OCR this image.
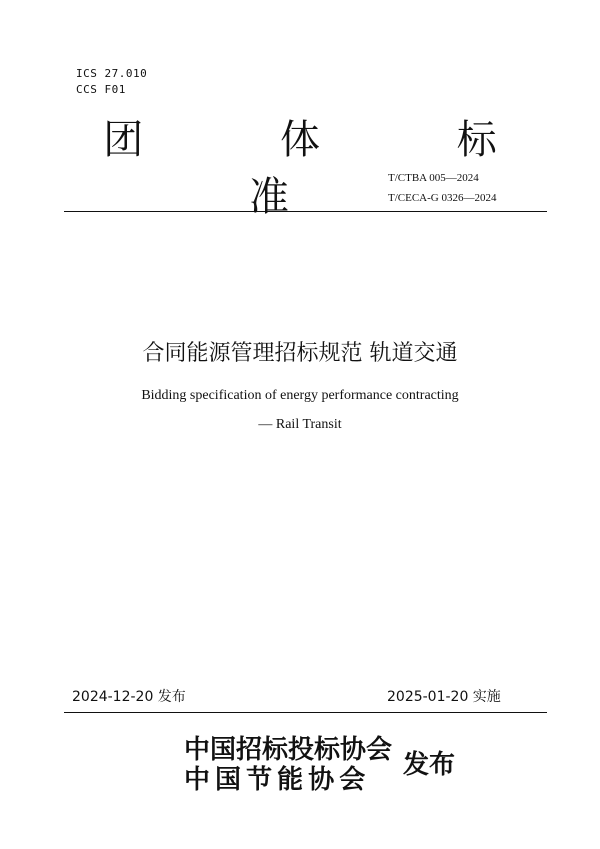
ICS 27.010
CCS F01
团 体 标 准	T/CTBA 005—2024
T/CECA-G 0326—2024
合同能源管理招标规范 轨道交通
Bidding specification of energy performance contracting
— Rail Transit
2024-12-20 发布	2025-01-20 实施
中国招标投标协会
中 国 节 能 协 会 发布
